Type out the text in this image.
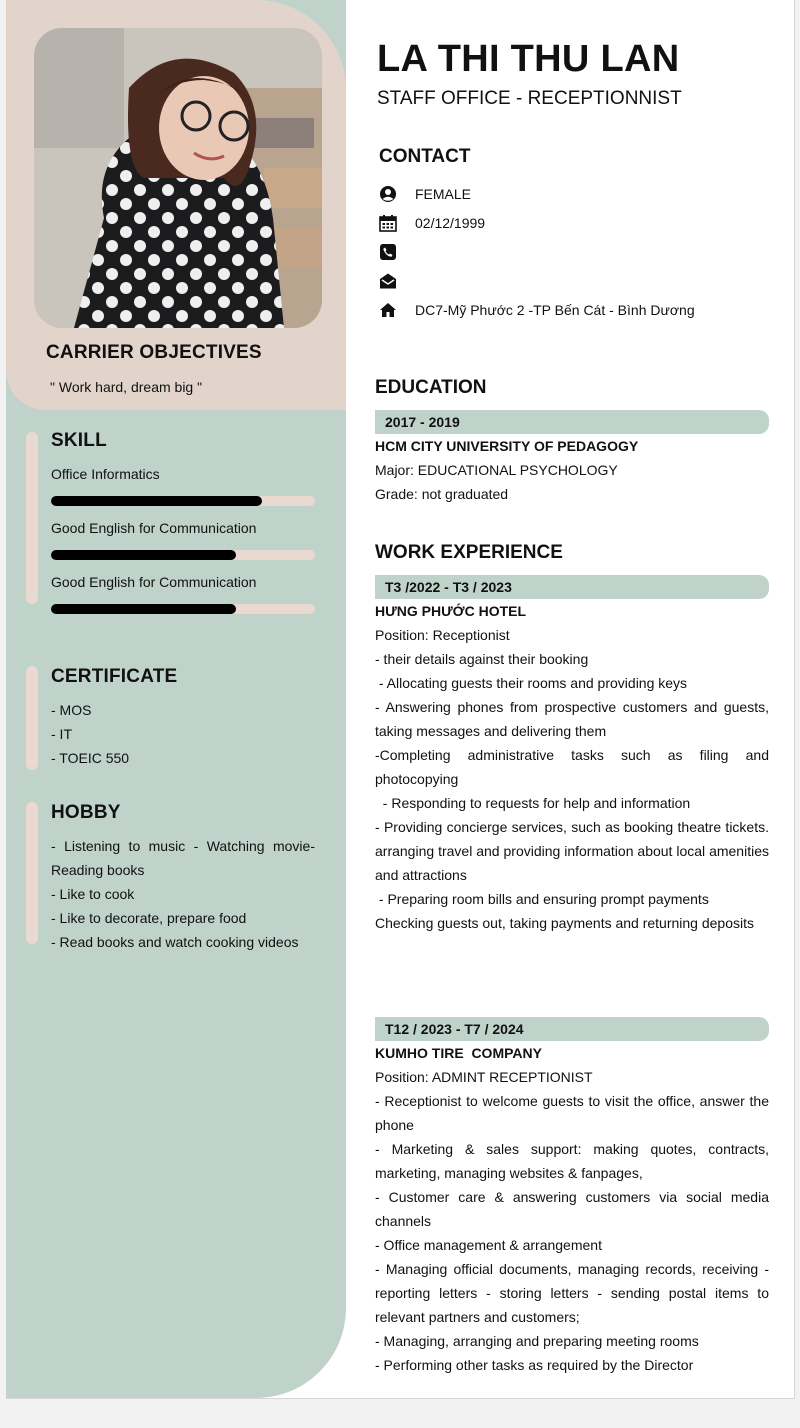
CARRIER OBJECTIVES
" Work hard, dream big "
SKILL
Office Informatics
Good English for Communication
Good English for Communication
CERTIFICATE
- MOS
- IT
- TOEIC 550
HOBBY
- Listening to music - Watching movie- Reading books
- Like to cook
- Like to decorate, prepare food
- Read books and watch cooking videos
LA THI THU LAN
STAFF OFFICE - RECEPTIONNIST
CONTACT
FEMALE
02/12/1999
DC7-Mỹ Phước 2 -TP Bến Cát - Bình Dương
EDUCATION
2017 - 2019
HCM CITY UNIVERSITY OF PEDAGOGY
Major: EDUCATIONAL PSYCHOLOGY
Grade: not graduated
WORK EXPERIENCE
T3 /2022 - T3 / 2023
HƯNG PHƯỚC HOTEL
Position: Receptionist
- their details against their booking
- Allocating guests their rooms and providing keys
- Answering phones from prospective customers and guests, taking messages and delivering them
-Completing administrative tasks such as filing and photocopying
- Responding to requests for help and information
- Providing concierge services, such as booking theatre tickets. arranging travel and providing information about local amenities and attractions
- Preparing room bills and ensuring prompt payments
Checking guests out, taking payments and returning deposits
T12 / 2023 - T7 / 2024
KUMHO TIRE  COMPANY
Position: ADMINT RECEPTIONIST
- Receptionist to welcome guests to visit the office, answer the phone
- Marketing & sales support: making quotes, contracts, marketing, managing websites & fanpages,
- Customer care & answering customers via social media channels
- Office management & arrangement
- Managing official documents, managing records, receiving - reporting letters - storing letters - sending postal items to relevant partners and customers;
- Managing, arranging and preparing meeting rooms
- Performing other tasks as required by the Director
